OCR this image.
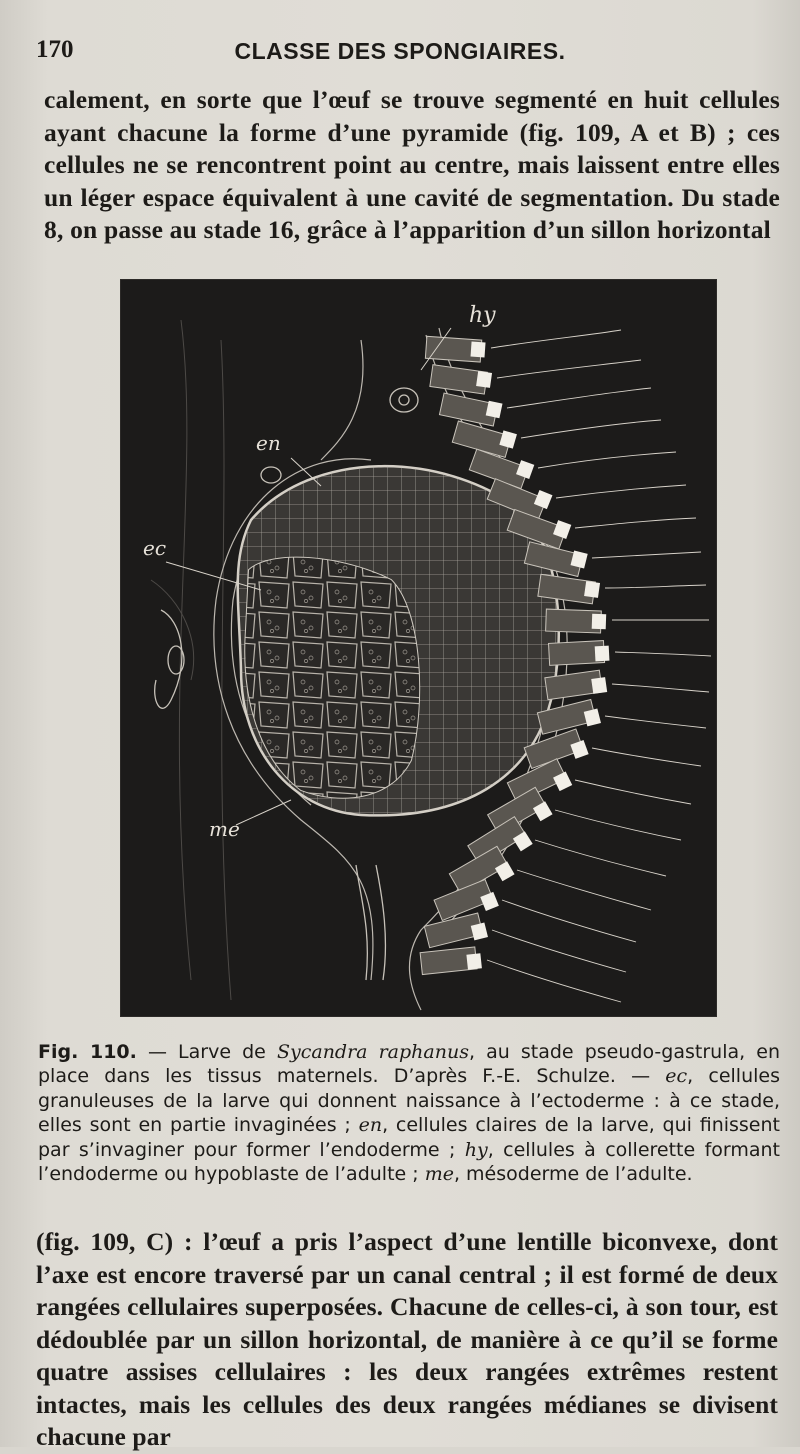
170	CLASSE DES SPONGIAIRES.

calement, en sorte que l’œuf se trouve segmenté en huit cellules ayant chacune la forme d’une pyramide (fig. 109, A et B) ; ces cellules ne se rencontrent point au centre, mais laissent entre elles un léger espace équivalent à une cavité de segmentation. Du stade 8, on passe au stade 16, grâce à l’apparition d’un sillon horizontal

hy
en
ec
me
Fig. 110. — Larve de Sycandra raphanus, au stade pseudo-gastrula, en place dans les tissus maternels. D’après F.-E. Schulze. — ec, cellules granuleuses de la larve qui donnent naissance à l’ectoderme : à ce stade, elles sont en partie invaginées ; en, cellules claires de la larve, qui finissent par s’invaginer pour former l’endoderme ; hy, cellules à collerette formant l’endoderme ou hypoblaste de l’adulte ; me, mésoderme de l’adulte.

(fig. 109, C) : l’œuf a pris l’aspect d’une lentille biconvexe, dont l’axe est encore traversé par un canal central ; il est formé de deux rangées cellulaires superposées. Chacune de celles-ci, à son tour, est dédoublée par un sillon horizontal, de manière à ce qu’il se forme quatre assises cellulaires : les deux rangées extrêmes restent intactes, mais les cellules des deux rangées médianes se divisent chacune par
